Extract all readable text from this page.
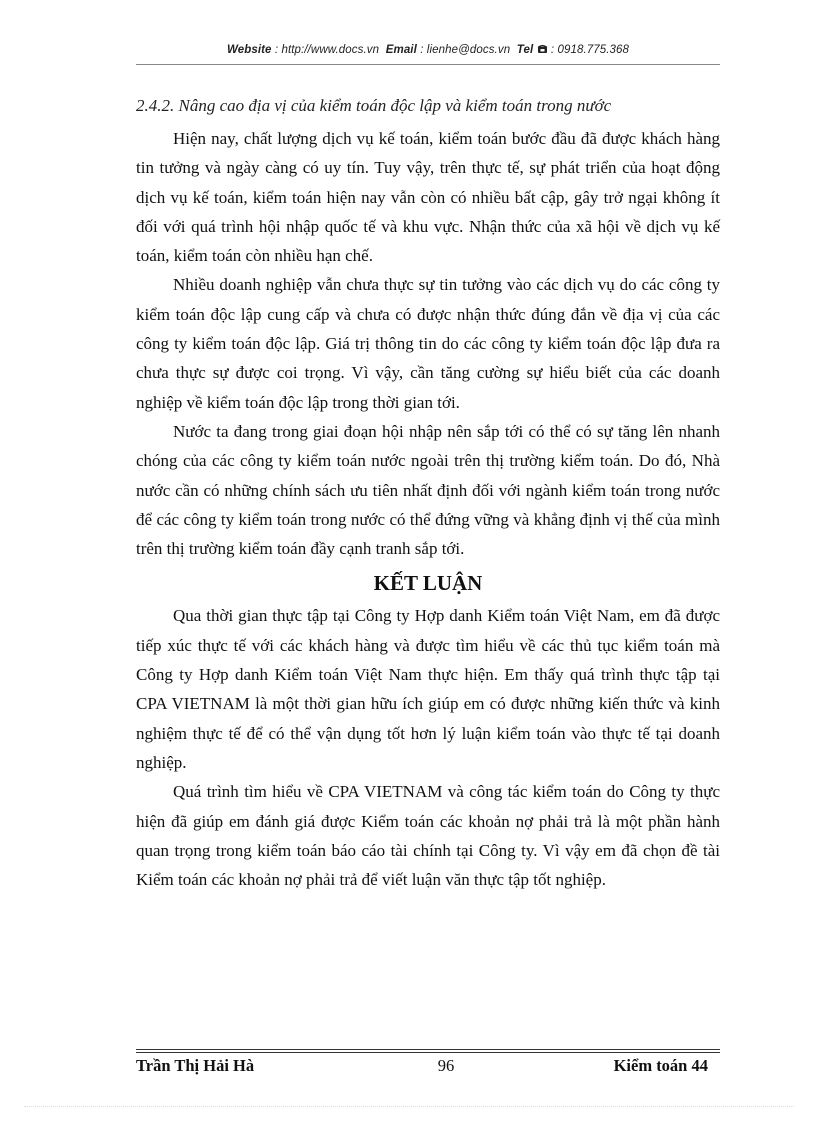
Website : http://www.docs.vn Email : lienhe@docs.vn Tel : 0918.775.368
2.4.2. Nâng cao địa vị của kiểm toán độc lập và kiểm toán trong nước

Hiện nay, chất lượng dịch vụ kế toán, kiểm toán bước đầu đã được khách hàng tin tưởng và ngày càng có uy tín. Tuy vậy, trên thực tế, sự phát triển của hoạt động dịch vụ kế toán, kiểm toán hiện nay vẫn còn có nhiều bất cập, gây trở ngại không ít đối với quá trình hội nhập quốc tế và khu vực. Nhận thức của xã hội về dịch vụ kế toán, kiểm toán còn nhiều hạn chế.

Nhiều doanh nghiệp vẫn chưa thực sự tin tưởng vào các dịch vụ do các công ty kiểm toán độc lập cung cấp và chưa có được nhận thức đúng đắn về địa vị của các công ty kiểm toán độc lập. Giá trị thông tin do các công ty kiểm toán độc lập đưa ra chưa thực sự được coi trọng. Vì vậy, cần tăng cường sự hiểu biết của các doanh nghiệp về kiểm toán độc lập trong thời gian tới.

Nước ta đang trong giai đoạn hội nhập nên sắp tới có thể có sự tăng lên nhanh chóng của các công ty kiểm toán nước ngoài trên thị trường kiểm toán. Do đó, Nhà nước cần có những chính sách ưu tiên nhất định đối với ngành kiểm toán trong nước để các công ty kiểm toán trong nước có thể đứng vững và khẳng định vị thế của mình trên thị trường kiểm toán đầy cạnh tranh sắp tới.

KẾT LUẬN

Qua thời gian thực tập tại Công ty Hợp danh Kiểm toán Việt Nam, em đã được tiếp xúc thực tế với các khách hàng và được tìm hiểu về các thủ tục kiểm toán mà Công ty Hợp danh Kiểm toán Việt Nam thực hiện. Em thấy quá trình thực tập tại CPA VIETNAM là một thời gian hữu ích giúp em có được những kiến thức và kinh nghiệm thực tế để có thể vận dụng tốt hơn lý luận kiểm toán vào thực tế tại doanh nghiệp.

Quá trình tìm hiểu về CPA VIETNAM và công tác kiểm toán do Công ty thực hiện đã giúp em đánh giá được Kiểm toán các khoản nợ phải trả là một phần hành quan trọng trong kiểm toán báo cáo tài chính tại Công ty. Vì vậy em đã chọn đề tài Kiểm toán các khoản nợ phải trả để viết luận văn thực tập tốt nghiệp.

Trần Thị Hải Hà	96	Kiểm toán 44
